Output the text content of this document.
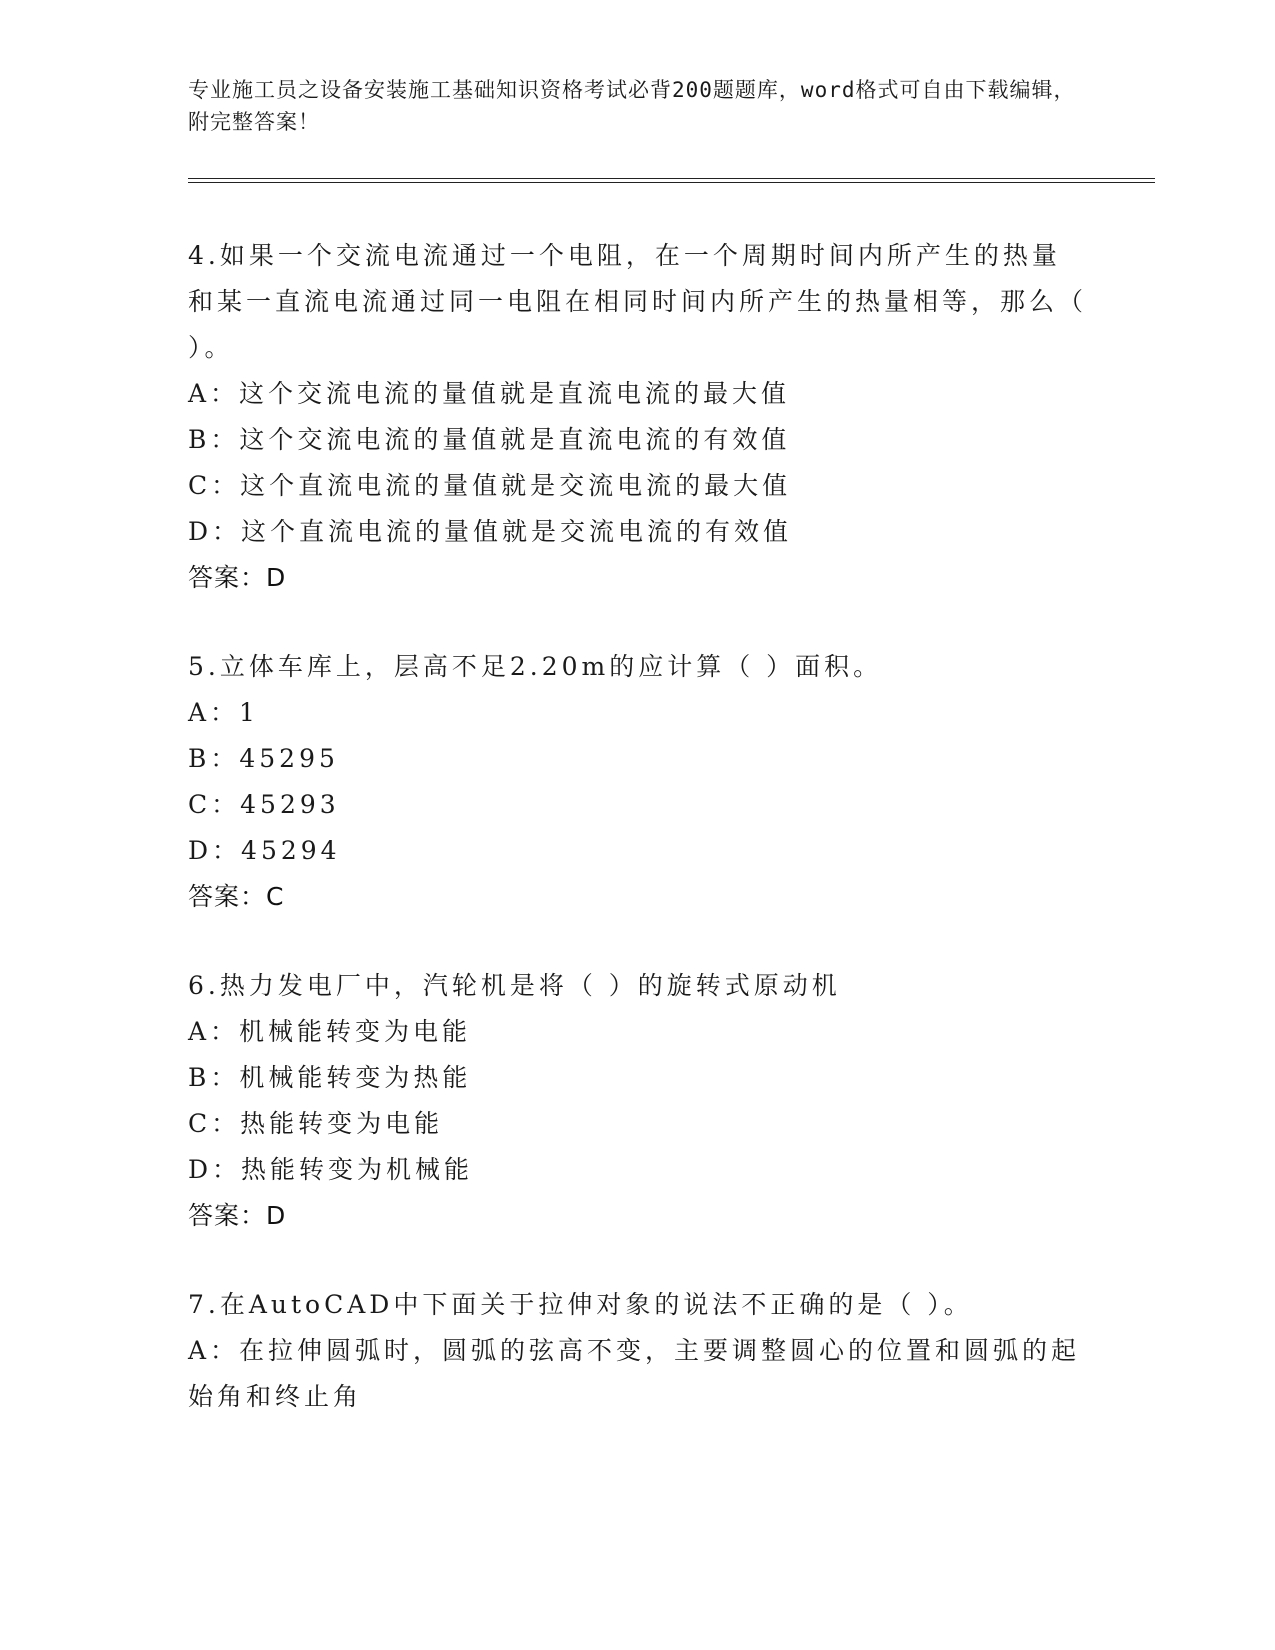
专业施工员之设备安装施工基础知识资格考试必背200题题库，word格式可自由下载编辑，附完整答案！

4.如果一个交流电流通过一个电阻，在一个周期时间内所产生的热量和某一直流电流通过同一电阻在相同时间内所产生的热量相等，那么（ ）。

A：这个交流电流的量值就是直流电流的最大值

B：这个交流电流的量值就是直流电流的有效值

C：这个直流电流的量值就是交流电流的最大值

D：这个直流电流的量值就是交流电流的有效值

答案：D

5.立体车库上，层高不足2.20m的应计算（ ）面积。

A：1

B：45295

C：45293

D：45294

答案：C

6.热力发电厂中，汽轮机是将（ ）的旋转式原动机

A：机械能转变为电能

B：机械能转变为热能

C：热能转变为电能

D：热能转变为机械能

答案：D

7.在AutoCAD中下面关于拉伸对象的说法不正确的是（ ）。

A：在拉伸圆弧时，圆弧的弦高不变，主要调整圆心的位置和圆弧的起始角和终止角
